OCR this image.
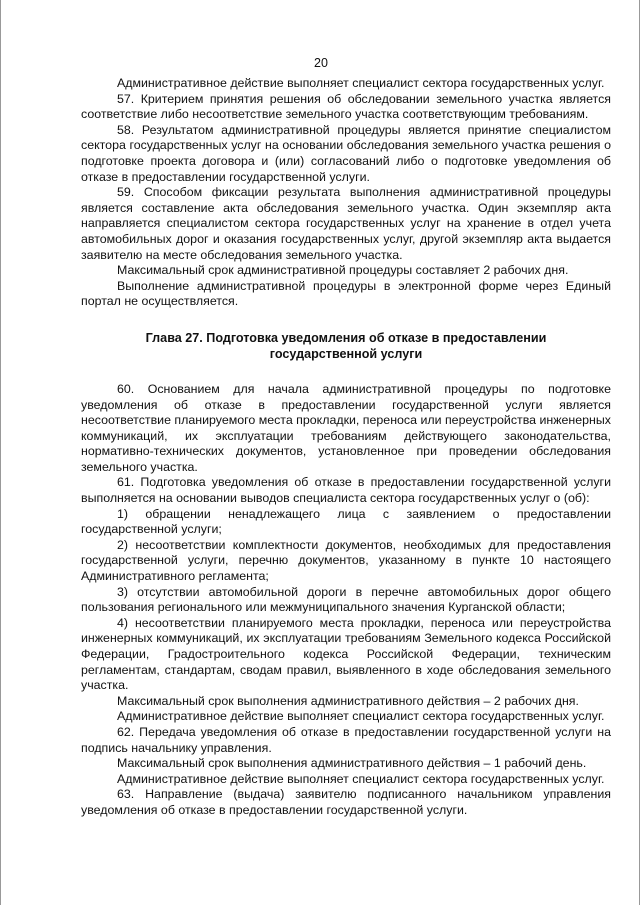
20

Административное действие выполняет специалист сектора государственных услуг.

57. Критерием принятия решения об обследовании земельного участка является соответствие либо несоответствие земельного участка соответствующим требованиям.

58. Результатом административной процедуры является принятие специалистом сектора государственных услуг на основании обследования земельного участка решения о подготовке проекта договора и (или) согласований либо о подготовке уведомления об отказе в предоставлении государственной услуги.

59. Способом фиксации результата выполнения административной процедуры является составление акта обследования земельного участка. Один экземпляр акта направляется специалистом сектора государственных услуг на хранение в отдел учета автомобильных дорог и оказания государственных услуг, другой экземпляр акта выдается заявителю на месте обследования земельного участка.

Максимальный срок административной процедуры составляет 2 рабочих дня.

Выполнение административной процедуры в электронной форме через Единый портал не осуществляется.

Глава 27. Подготовка уведомления об отказе в предоставлении государственной услуги

60. Основанием для начала административной процедуры по подготовке уведомления об отказе в предоставлении государственной услуги является несоответствие планируемого места прокладки, переноса или переустройства инженерных коммуникаций, их эксплуатации требованиям действующего законодательства, нормативно-технических документов, установленное при проведении обследования земельного участка.

61. Подготовка уведомления об отказе в предоставлении государственной услуги выполняется на основании выводов специалиста сектора государственных услуг о (об):

1) обращении ненадлежащего лица с заявлением о предоставлении государственной услуги;

2) несоответствии комплектности документов, необходимых для предоставления государственной услуги, перечню документов, указанному в пункте 10 настоящего Административного регламента;

3) отсутствии автомобильной дороги в перечне автомобильных дорог общего пользования регионального или межмуниципального значения Курганской области;

4) несоответствии планируемого места прокладки, переноса или переустройства инженерных коммуникаций, их эксплуатации требованиям Земельного кодекса Российской Федерации, Градостроительного кодекса Российской Федерации, техническим регламентам, стандартам, сводам правил, выявленного в ходе обследования земельного участка.

Максимальный срок выполнения административного действия – 2 рабочих дня.

Административное действие выполняет специалист сектора государственных услуг.

62. Передача уведомления об отказе в предоставлении государственной услуги на подпись начальнику управления.

Максимальный срок выполнения административного действия – 1 рабочий день.

Административное действие выполняет специалист сектора государственных услуг.

63. Направление (выдача) заявителю подписанного начальником управления уведомления об отказе в предоставлении государственной услуги.
